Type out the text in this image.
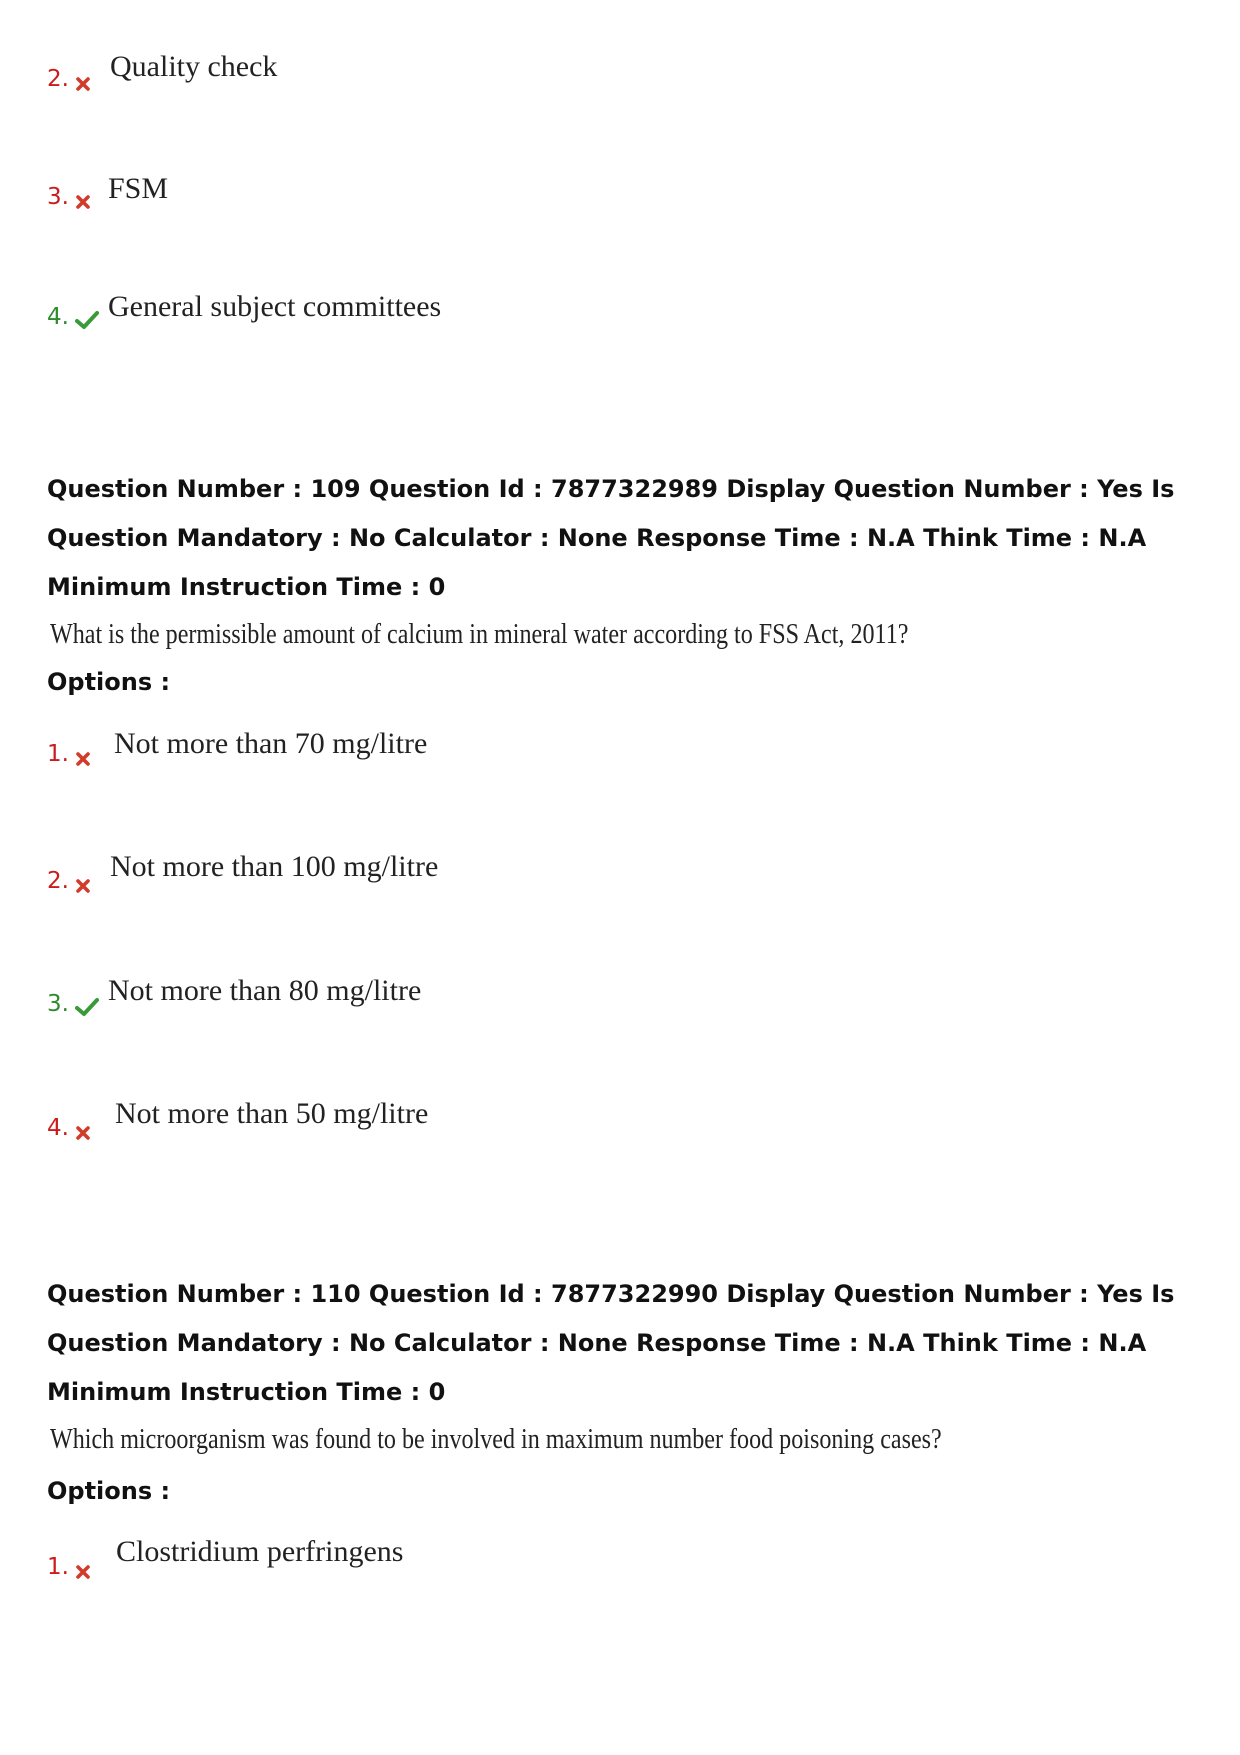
2. Quality check
3. FSM
4. General subject committees
Question Number : 109 Question Id : 7877322989 Display Question Number : Yes Is Question Mandatory : No Calculator : None Response Time : N.A Think Time : N.A Minimum Instruction Time : 0
What is the permissible amount of calcium in mineral water according to FSS Act, 2011?
Options :
1. Not more than 70 mg/litre
2. Not more than 100 mg/litre
3. Not more than 80 mg/litre
4. Not more than 50 mg/litre
Question Number : 110 Question Id : 7877322990 Display Question Number : Yes Is Question Mandatory : No Calculator : None Response Time : N.A Think Time : N.A Minimum Instruction Time : 0
Which microorganism was found to be involved in maximum number food poisoning cases?
Options :
1. Clostridium perfringens
